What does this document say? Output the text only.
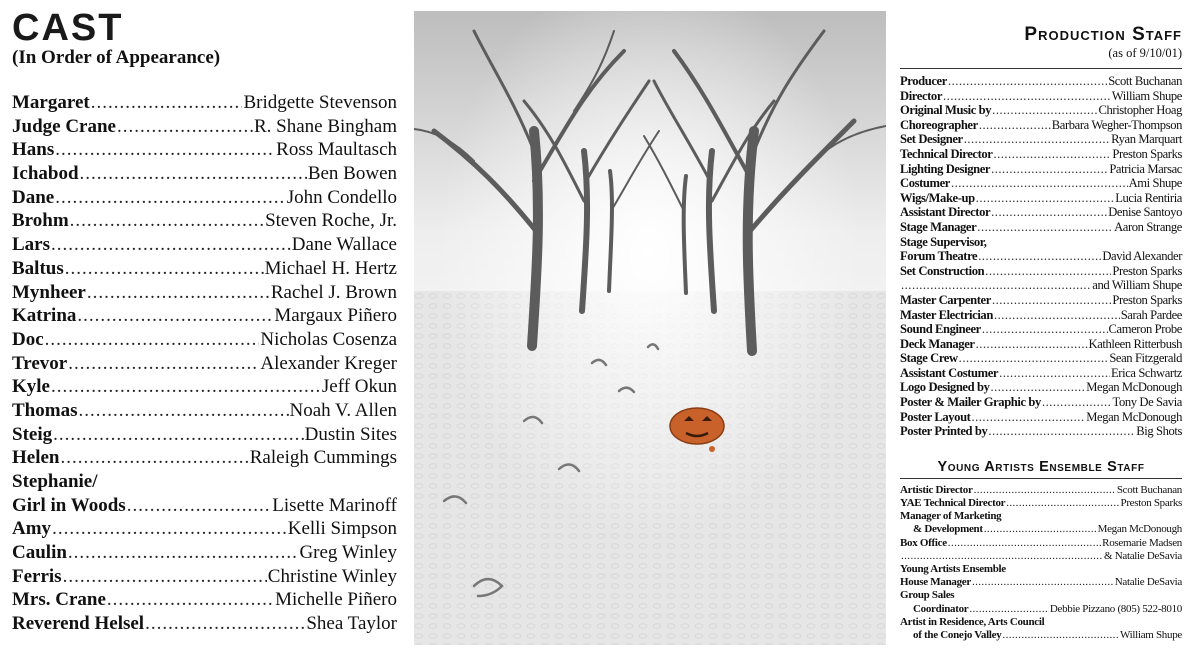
CAST
(In Order of Appearance)
Margaret .....	Bridgette Stevenson
Judge Crane .....	R. Shane Bingham
Hans .....	Ross Maultasch
Ichabod .....	Ben Bowen
Dane .....	John Condello
Brohm .....	Steven Roche, Jr.
Lars .....	Dane Wallace
Baltus .....	Michael H. Hertz
Mynheer .....	Rachel J. Brown
Katrina .....	Margaux Piñero
Doc .....	Nicholas Cosenza
Trevor .....	Alexander Kreger
Kyle .....	Jeff Okun
Thomas .....	Noah V. Allen
Steig .....	Dustin Sites
Helen .....	Raleigh Cummings
Stephanie/
Girl in Woods .....	Lisette Marinoff
Amy .....	Kelli Simpson
Caulin .....	Greg Winley
Ferris .....	Christine Winley
Mrs. Crane .....	Michelle Piñero
Reverend Helsel .....	Shea Taylor
Production Staff
(as of 9/10/01)
Producer .....	Scott Buchanan
Director .....	William Shupe
Original Music by .....	Christopher Hoag
Choreographer .....	Barbara Wegher-Thompson
Set Designer .....	Ryan Marquart
Technical Director .....	Preston Sparks
Lighting Designer .....	Patricia Marsac
Costumer .....	Ami Shupe
Wigs/Make-up .....	Lucia Rentiria
Assistant Director .....	Denise Santoyo
Stage Manager .....	Aaron Strange
Stage Supervisor,
Forum Theatre .....	David Alexander
Set Construction .....	Preston Sparks
.....
and William Shupe
Master Carpenter .....	Preston Sparks
Master Electrician .....	Sarah Pardee
Sound Engineer .....	Cameron Probe
Deck Manager .....	Kathleen Ritterbush
Stage Crew .....	Sean Fitzgerald
Assistant Costumer .....	Erica Schwartz
Logo Designed by .....	Megan McDonough
Poster & Mailer Graphic by .....	Tony De Savia
Poster Layout .....	Megan McDonough
Poster Printed by .....	Big Shots
Young Artists Ensemble Staff
Artistic Director .....	Scott Buchanan
YAE Technical Director .....	Preston Sparks
Manager of Marketing
& Development .....	Megan McDonough
Box Office .....	Rosemarie Madsen
.....
& Natalie DeSavia
Young Artists Ensemble
House Manager .....	Natalie DeSavia
Group Sales
Coordinator .....	Debbie Pizzano (805) 522-8010
Artist in Residence, Arts Council
of the Conejo Valley .....	William Shupe
